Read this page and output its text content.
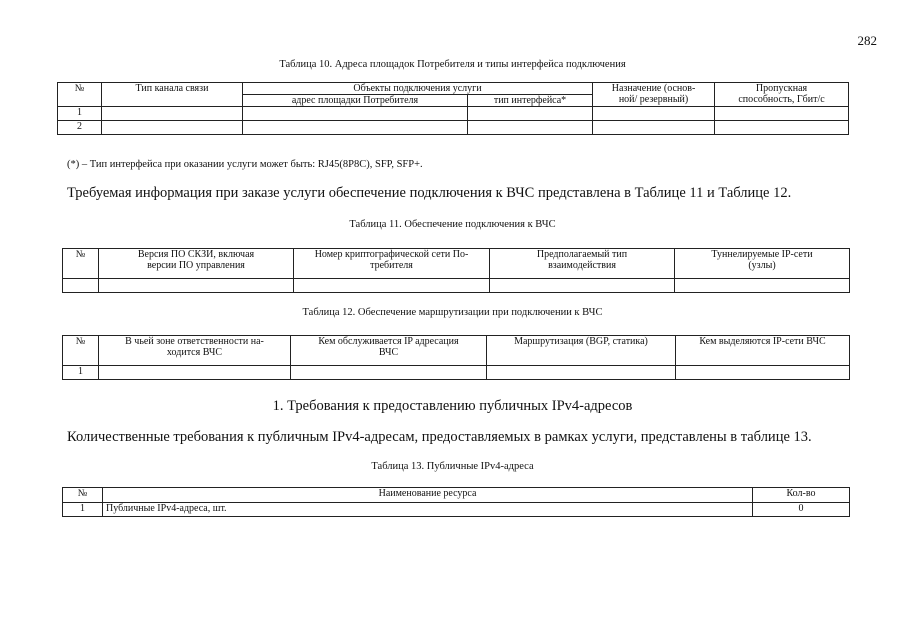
282
Таблица 10. Адреса площадок Потребителя и типы интерфейса подключения
№	Тип канала связи	Объекты подключения услуги		Назначение (основ-
ной/ резервный)	Пропускная
способность, Гбит/с
		адрес площадки Потребителя	тип интерфейса*		
1					
2					
(*) – Тип интерфейса при оказании услуги может быть: RJ45(8P8C), SFP, SFP+.
Требуемая информация при заказе услуги обеспечение подключения к ВЧС представлена в Таблице 11 и Таблице 12.
Таблица 11. Обеспечение подключения к ВЧС
№	Версия ПО СКЗИ, включая
версии ПО управления	Номер криптографической сети По-
требителя	Предполагаемый тип
взаимодействия	Туннелируемые IP-сети
(узлы)

Таблица 12. Обеспечение маршрутизации при подключении к ВЧС
№	В чьей зоне ответственности на-
ходится ВЧС	Кем обслуживается IP адресация
ВЧС	Маршрутизация (BGP, статика)	Кем выделяются IP-сети ВЧС
1				
1. Требования к предоставлению публичных IPv4-адресов
Количественные требования к публичным IPv4-адресам, предоставляемых в рамках услуги, представлены в таблице 13.
Таблица 13. Публичные IPv4-адреса
№	Наименование ресурса	Кол-во
1	Публичные IPv4-адреса, шт.	0
